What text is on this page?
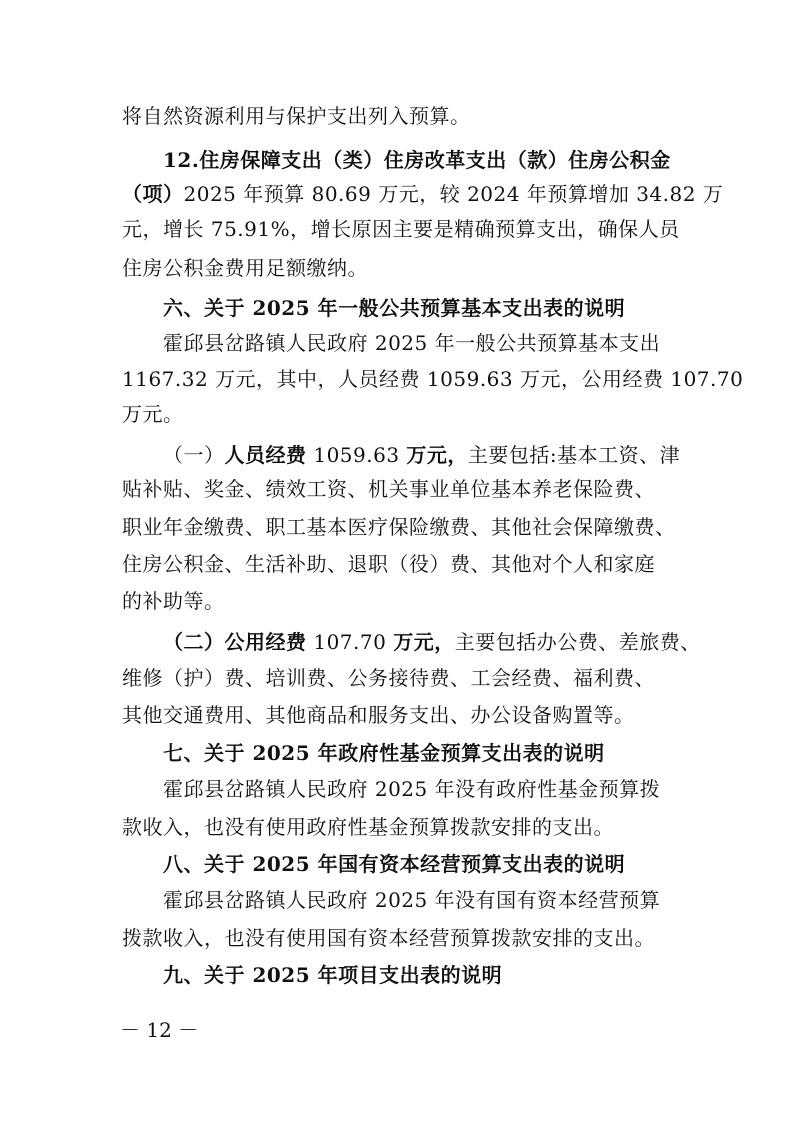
将自然资源利用与保护支出列入预算。
12.住房保障支出（类）住房改革支出（款）住房公积金
（项）2025 年预算 80.69 万元，较 2024 年预算增加 34.82 万
元，增长 75.91%，增长原因主要是精确预算支出，确保人员
住房公积金费用足额缴纳。
六、关于 2025 年一般公共预算基本支出表的说明
霍邱县岔路镇人民政府 2025 年一般公共预算基本支出
1167.32 万元，其中，人员经费 1059.63 万元，公用经费 107.70
万元。
（一）人员经费 1059.63 万元，主要包括:基本工资、津
贴补贴、奖金、绩效工资、机关事业单位基本养老保险费、
职业年金缴费、职工基本医疗保险缴费、其他社会保障缴费、
住房公积金、生活补助、退职（役）费、其他对个人和家庭
的补助等。
（二）公用经费 107.70 万元，主要包括办公费、差旅费、
维修（护）费、培训费、公务接待费、工会经费、福利费、
其他交通费用、其他商品和服务支出、办公设备购置等。
七、关于 2025 年政府性基金预算支出表的说明
霍邱县岔路镇人民政府 2025 年没有政府性基金预算拨
款收入，也没有使用政府性基金预算拨款安排的支出。
八、关于 2025 年国有资本经营预算支出表的说明
霍邱县岔路镇人民政府 2025 年没有国有资本经营预算
拨款收入，也没有使用国有资本经营预算拨款安排的支出。
九、关于 2025 年项目支出表的说明
－ 12 －
